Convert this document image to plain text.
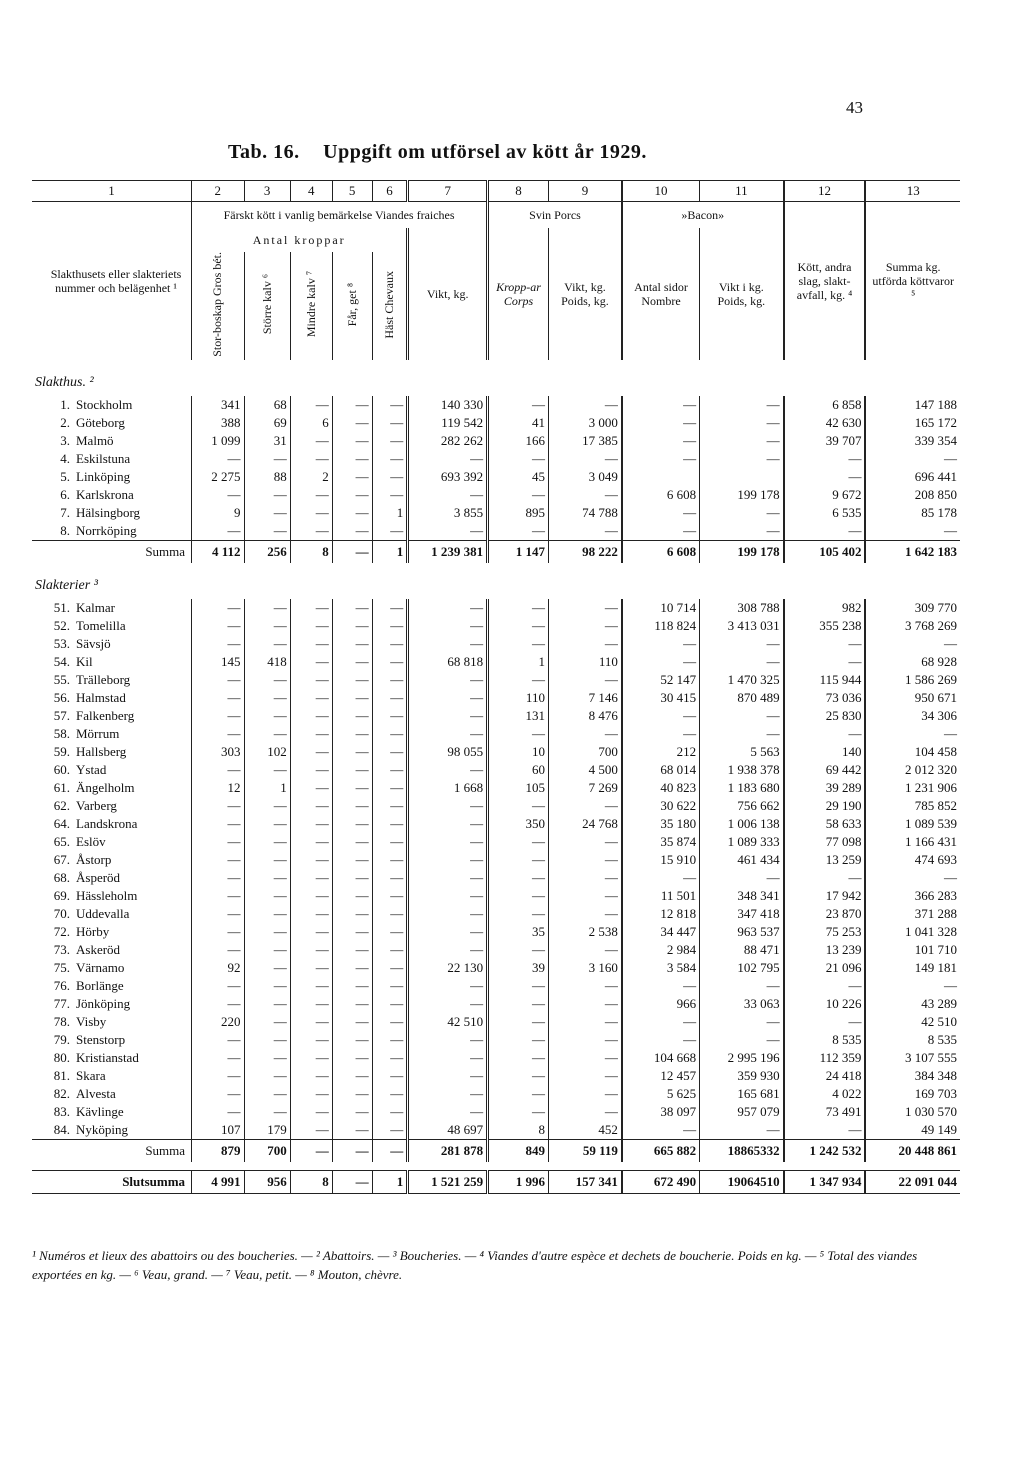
43
Tab. 16. Uppgift om utförsel av kött år 1929.
1	2	3	4	5	6	7	8	9	10	11	12	13
Slakthusets eller slakteriets nummer och belägenhet ¹	Färskt kött i vanlig bemärkelse Viandes fraiches						Svin Porcs		»Bacon»		Kött, andra slag, slakt-avfall, kg. ⁴	Summa kg. utförda köttvaror ⁵
	Antal kroppar					Vikt, kg.	Kropp-ar Corps	Vikt, kg. Poids, kg.	Antal sidor Nombre	Vikt i kg. Poids, kg.		
	Stor-boskap Gros bét.	Större kalv ⁶	Mindre kalv ⁷	Får, get ⁸	Häst Chevaux							
Slakthus. ²												
1. Stockholm	341	68	—	—	—	140 330	—	—	—	—	6 858	147 188
2. Göteborg	388	69	6	—	—	119 542	41	3 000	—	—	42 630	165 172
3. Malmö	1 099	31	—	—	—	282 262	166	17 385	—	—	39 707	339 354
4. Eskilstuna	—	—	—	—	—	—	—	—	—	—	—	—
5. Linköping	2 275	88	2	—	—	693 392	45	3 049			—	696 441
6. Karlskrona	—	—	—	—	—	—	—	—	6 608	199 178	9 672	208 850
7. Hälsingborg	9	—	—	—	1	3 855	895	74 788	—	—	6 535	85 178
8. Norrköping	—	—	—	—	—	—	—	—	—	—	—	—
Summa	4 112	256	8	—	1	1 239 381	1 147	98 222	6 608	199 178	105 402	1 642 183
Slakterier ³												
51. Kalmar	—	—	—	—	—	—	—	—	10 714	308 788	982	309 770
52. Tomelilla	—	—	—	—	—	—	—	—	118 824	3 413 031	355 238	3 768 269
53. Sävsjö	—	—	—	—	—	—	—	—	—	—	—	—
54. Kil	145	418	—	—	—	68 818	1	110	—	—	—	68 928
55. Trälleborg	—	—	—	—	—	—	—	—	52 147	1 470 325	115 944	1 586 269
56. Halmstad	—	—	—	—	—	—	110	7 146	30 415	870 489	73 036	950 671
57. Falkenberg	—	—	—	—	—	—	131	8 476	—	—	25 830	34 306
58. Mörrum	—	—	—	—	—	—	—	—	—	—	—	—
59. Hallsberg	303	102	—	—	—	98 055	10	700	212	5 563	140	104 458
60. Ystad	—	—	—	—	—	—	60	4 500	68 014	1 938 378	69 442	2 012 320
61. Ängelholm	12	1	—	—	—	1 668	105	7 269	40 823	1 183 680	39 289	1 231 906
62. Varberg	—	—	—	—	—	—	—	—	30 622	756 662	29 190	785 852
64. Landskrona	—	—	—	—	—	—	350	24 768	35 180	1 006 138	58 633	1 089 539
65. Eslöv	—	—	—	—	—	—	—	—	35 874	1 089 333	77 098	1 166 431
67. Åstorp	—	—	—	—	—	—	—	—	15 910	461 434	13 259	474 693
68. Åsperöd	—	—	—	—	—	—	—	—	—	—	—	—
69. Hässleholm	—	—	—	—	—	—	—	—	11 501	348 341	17 942	366 283
70. Uddevalla	—	—	—	—	—	—	—	—	12 818	347 418	23 870	371 288
72. Hörby	—	—	—	—	—	—	35	2 538	34 447	963 537	75 253	1 041 328
73. Askeröd	—	—	—	—	—	—	—	—	2 984	88 471	13 239	101 710
75. Värnamo	92	—	—	—	—	22 130	39	3 160	3 584	102 795	21 096	149 181
76. Borlänge	—	—	—	—	—	—	—	—	—	—	—	—
77. Jönköping	—	—	—	—	—	—	—	—	966	33 063	10 226	43 289
78. Visby	220	—	—	—	—	42 510	—	—	—	—	—	42 510
79. Stenstorp	—	—	—	—	—	—	—	—	—	—	8 535	8 535
80. Kristianstad	—	—	—	—	—	—	—	—	104 668	2 995 196	112 359	3 107 555
81. Skara	—	—	—	—	—	—	—	—	12 457	359 930	24 418	384 348
82. Alvesta	—	—	—	—	—	—	—	—	5 625	165 681	4 022	169 703
83. Kävlinge	—	—	—	—	—	—	—	—	38 097	957 079	73 491	1 030 570
84. Nyköping	107	179	—	—	—	48 697	8	452	—	—	—	49 149
Summa	879	700	—	—	—	281 878	849	59 119	665 882	18865332	1 242 532	20 448 861

Slutsumma	4 991	956	8	—	1	1 521 259	1 996	157 341	672 490	19064510	1 347 934	22 091 044
¹ Numéros et lieux des abattoirs ou des boucheries. — ² Abattoirs. — ³ Boucheries. — ⁴ Viandes d'autre espèce et dechets de boucherie. Poids en kg. — ⁵ Total des viandes exportées en kg. — ⁶ Veau, grand. — ⁷ Veau, petit. — ⁸ Mouton, chèvre.
